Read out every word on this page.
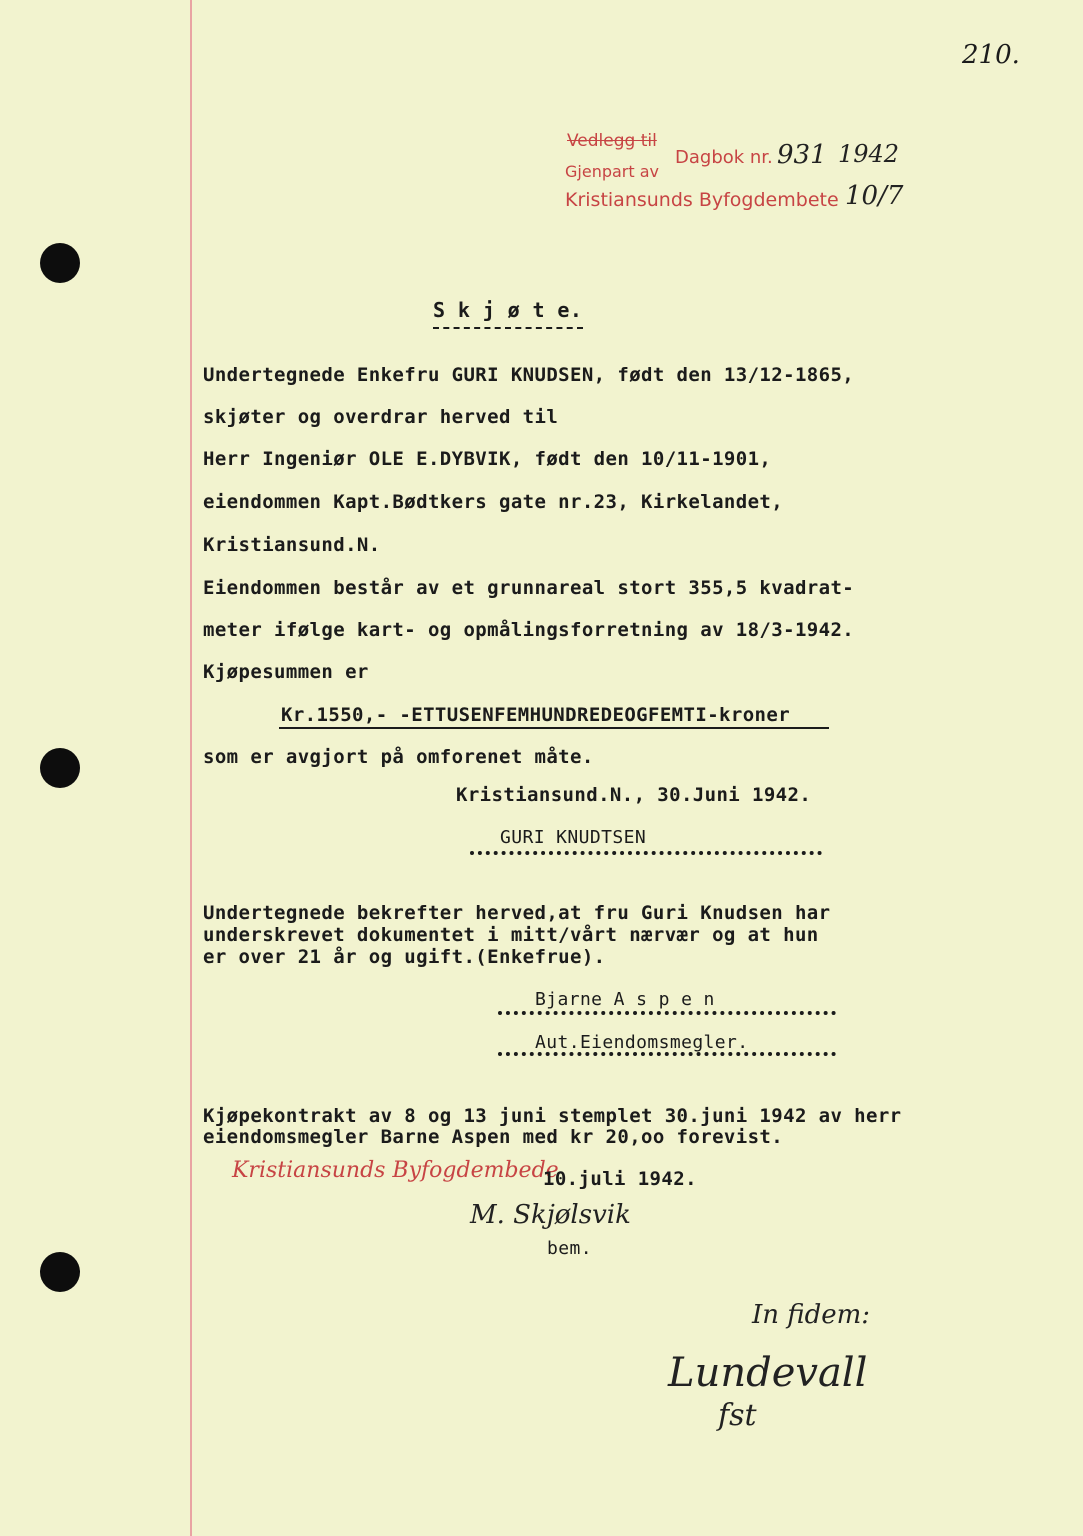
210.
Vedlegg til
Gjenpart av
Dagbok nr. 931 1942
Kristiansunds Byfogdembete 10/7
S k j ø t e.
Undertegnede Enkefru GURI KNUDSEN, født den 13/12-1865,
skjøter og overdrar herved til
Herr Ingeniør OLE E.DYBVIK, født den 10/11-1901,
eiendommen Kapt.Bødtkers gate nr.23, Kirkelandet,
Kristiansund.N.
Eiendommen består av et grunnareal stort 355,5 kvadrat-
meter ifølge kart- og opmålingsforretning av 18/3-1942.
Kjøpesummen er
Kr.1550,- -ETTUSENFEMHUNDREDEOGFEMTI-kroner
som er avgjort på omforenet måte.
Kristiansund.N., 30.Juni 1942.
GURI KNUDTSEN
Undertegnede bekrefter herved,at fru Guri Knudsen har
underskrevet dokumentet i mitt/vårt nærvær og at hun
er over 21 år og ugift.(Enkefrue).
Bjarne A s p e n
Aut.Eiendomsmegler.
Kjøpekontrakt av 8 og 13 juni stemplet 30.juni 1942 av herr
eiendomsmegler Barne Aspen med kr 20,oo forevist.
Kristiansunds Byfogdembede
10.juli 1942.
M. Skjølsvik
bem.
In fidem:
Lundevall
fst
